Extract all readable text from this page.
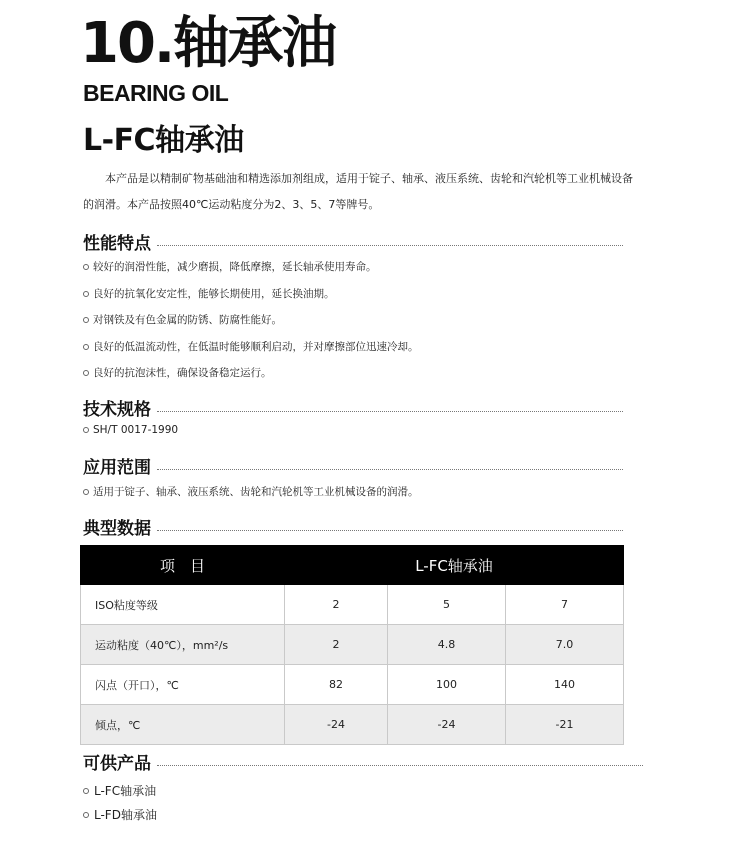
10.轴承油
BEARING OIL
L-FC轴承油

本产品是以精制矿物基础油和精选添加剂组成，适用于锭子、轴承、液压系统、齿轮和汽轮机等工业机械设备的润滑。本产品按照40℃运动粘度分为2、3、5、7等牌号。

性能特点
较好的润滑性能，减少磨损，降低摩擦，延长轴承使用寿命。
良好的抗氧化安定性，能够长期使用，延长换油期。
对钢铁及有色金属的防锈、防腐性能好。
良好的低温流动性，在低温时能够顺利启动，并对摩擦部位迅速冷却。
良好的抗泡沫性，确保设备稳定运行。
技术规格
SH/T 0017-1990
应用范围
适用于锭子、轴承、液压系统、齿轮和汽轮机等工业机械设备的润滑。
典型数据
项　目	L-FC轴承油		
ISO粘度等级	2	5	7
运动粘度（40℃），mm²/s	2	4.8	7.0
闪点（开口），℃	82	100	140
倾点，℃	-24	-24	-21
可供产品
L-FC轴承油
L-FD轴承油
